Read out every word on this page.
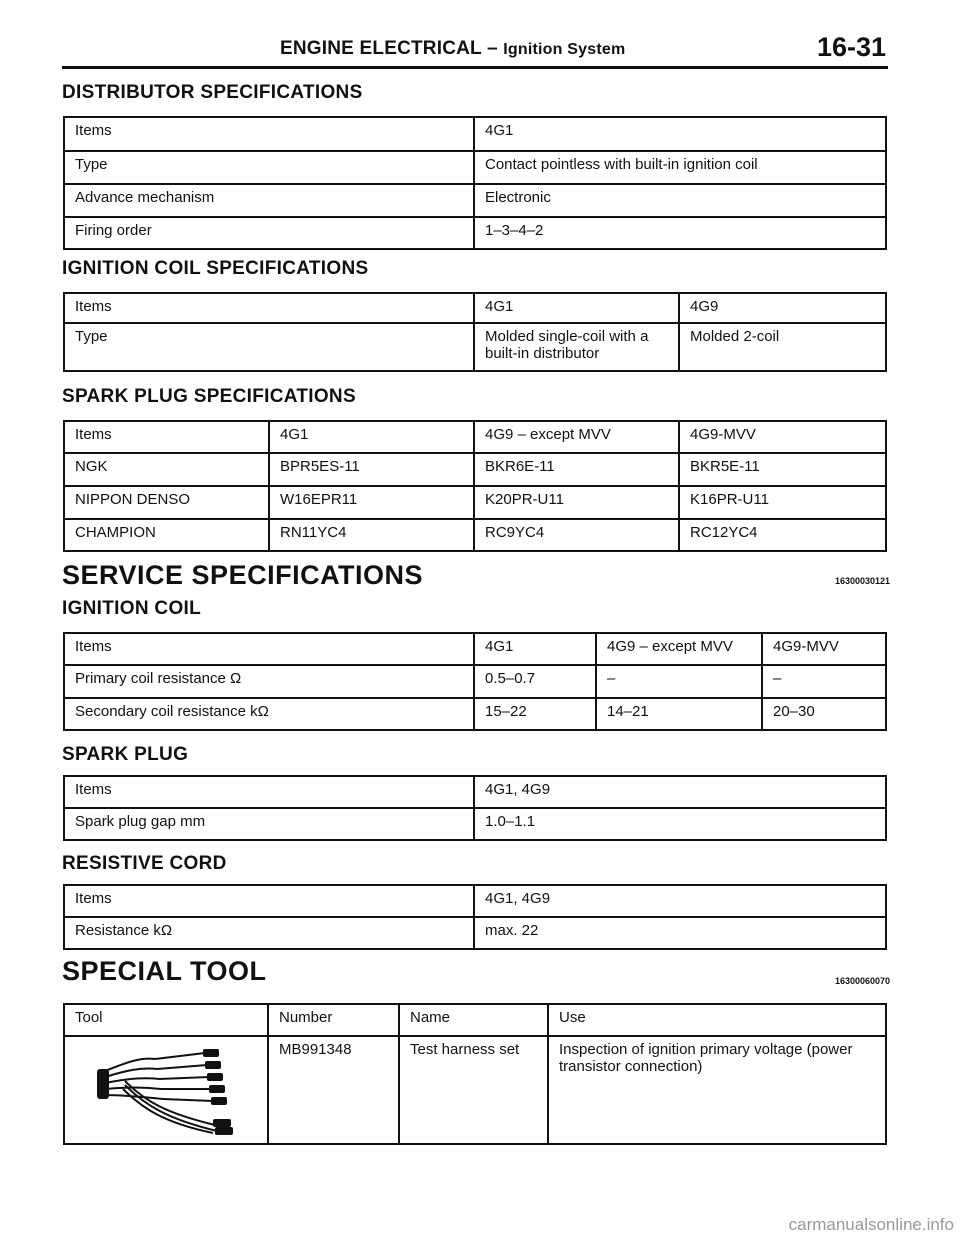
ENGINE ELECTRICAL – Ignition System	16-31
DISTRIBUTOR SPECIFICATIONS
Items	4G1
Type	Contact pointless with built-in ignition coil
Advance mechanism	Electronic
Firing order	1–3–4–2
IGNITION COIL SPECIFICATIONS
Items	4G1	4G9
Type	Molded single-coil with a built-in distributor	Molded 2-coil
SPARK PLUG SPECIFICATIONS
Items	4G1	4G9 – except MVV	4G9-MVV
NGK	BPR5ES-11	BKR6E-11	BKR5E-11
NIPPON DENSO	W16EPR11	K20PR-U11	K16PR-U11
CHAMPION	RN11YC4	RC9YC4	RC12YC4
SERVICE SPECIFICATIONS	16300030121
IGNITION COIL
Items	4G1	4G9 – except MVV	4G9-MVV
Primary coil resistance Ω	0.5–0.7	–	–
Secondary coil resistance kΩ	15–22	14–21	20–30
SPARK PLUG
Items	4G1, 4G9
Spark plug gap mm	1.0–1.1
RESISTIVE CORD
Items	4G1, 4G9
Resistance kΩ	max. 22
SPECIAL TOOL	16300060070
Tool	Number	Name	Use

	MB991348	Test harness set	Inspection of ignition primary voltage (power transistor connection)
carmanualsonline.info
